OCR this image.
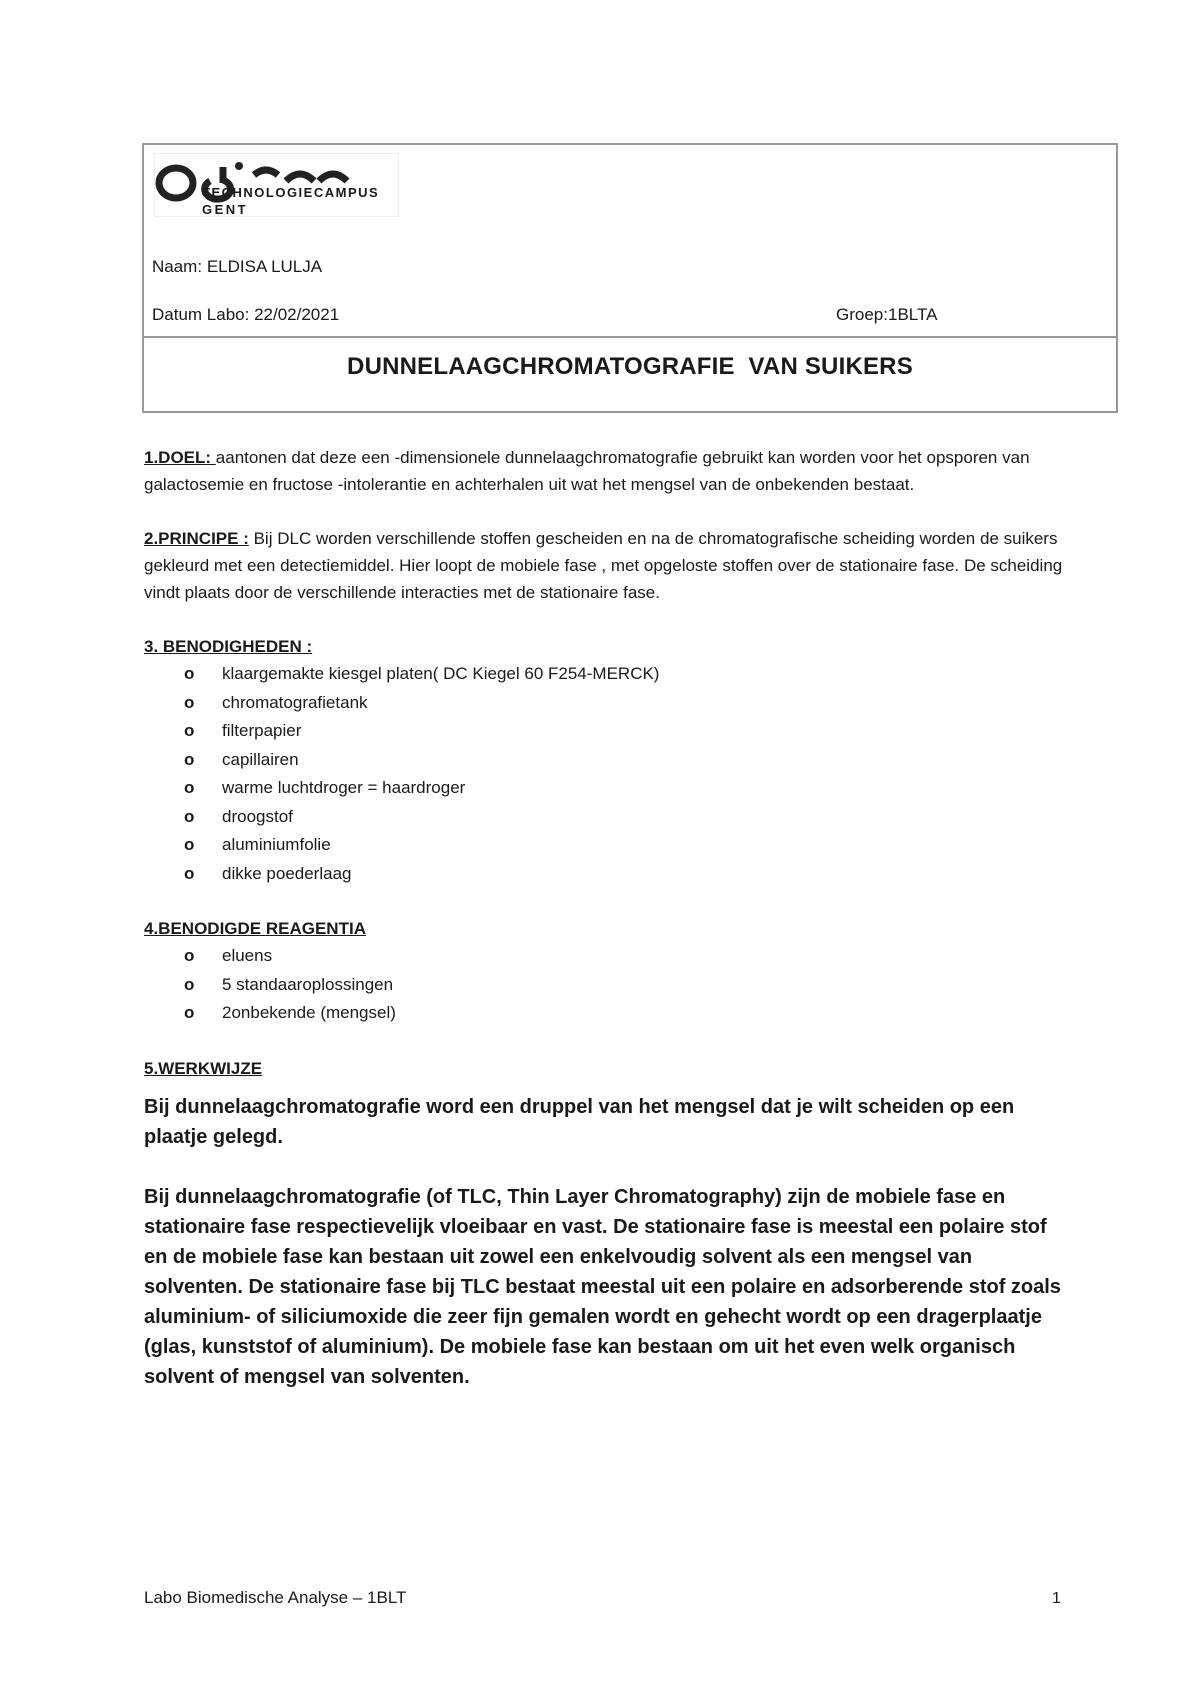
TECHNOLOGIECAMPUS
GENT
Naam: ELDISA LULJA
Datum Labo: 22/02/2021	Groep:1BLTA
DUNNELAAGCHROMATOGRAFIE  VAN SUIKERS
1.DOEL: aantonen dat deze een -dimensionele dunnelaagchromatografie gebruikt kan worden voor het opsporen van galactosemie en fructose -intolerantie en achterhalen uit wat het mengsel van de onbekenden bestaat.
2.PRINCIPE : Bij DLC worden verschillende stoffen gescheiden en na de chromatografische scheiding worden de suikers gekleurd met een detectiemiddel. Hier loopt de mobiele fase , met opgeloste stoffen over de stationaire fase. De scheiding vindt plaats door de verschillende interacties met de stationaire fase.
3. BENODIGHEDEN :
o klaargemakte kiesgel platen( DC Kiegel 60 F254-MERCK)
o chromatografietank
o filterpapier
o capillairen
o warme luchtdroger = haardroger
o droogstof
o aluminiumfolie
o dikke poederlaag
4.BENODIGDE REAGENTIA
o eluens
o 5 standaaroplossingen
o 2onbekende (mengsel)
5.WERKWIJZE

Bij dunnelaagchromatografie word een druppel van het mengsel dat je wilt scheiden op een plaatje gelegd.

Bij dunnelaagchromatografie (of TLC, Thin Layer Chromatography) zijn de mobiele fase en stationaire fase respectievelijk vloeibaar en vast. De stationaire fase is meestal een polaire stof en de mobiele fase kan bestaan uit zowel een enkelvoudig solvent als een mengsel van solventen. De stationaire fase bij TLC bestaat meestal uit een polaire en adsorberende stof zoals aluminium- of siliciumoxide die zeer fijn gemalen wordt en gehecht wordt op een dragerplaatje (glas, kunststof of aluminium). De mobiele fase kan bestaan om uit het even welk organisch solvent of mengsel van solventen.

Labo Biomedische Analyse – 1BLT	1
